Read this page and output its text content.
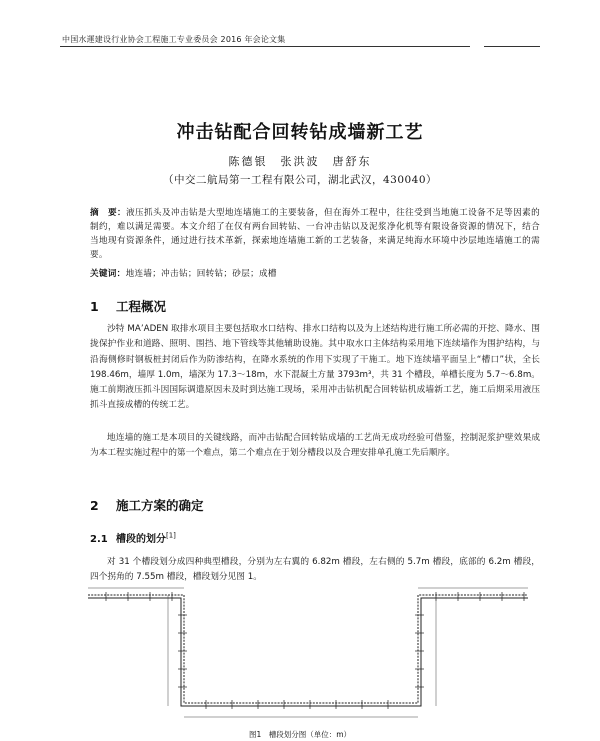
中国水運建设行业协会工程施工专业委员会 2016 年会论文集
冲击钻配合回转钻成墙新工艺
陈德银　张洪波　唐舒东
（中交二航局第一工程有限公司，湖北武汉，430040）
摘　要：液压抓头及冲击钻是大型地连墙施工的主要装备，但在海外工程中，往往受到当地施工设备不足等因素的制约，难以满足需要。本文介绍了在仅有两台回转钻、一台冲击钻以及泥浆净化机等有限设备资源的情况下，结合当地现有资源条件，通过进行技术革新，探索地连墙施工新的工艺装备，来满足纯海水环境中沙层地连墙施工的需要。
关键词：地连墙；冲击钻；回转钻；砂层；成槽
1 工程概况
沙特 MA’ADEN 取排水项目主要包括取水口结构、排水口结构以及为上述结构进行施工所必需的开挖、降水、围拢保护作业和道路、照明、围挡、地下管线等其他辅助设施。其中取水口主体结构采用地下连续墙作为围护结构，与沿海侧修时钢板桩封闭后作为防渗结构，在降水系统的作用下实现了干施工。地下连续墙平面呈上“槽口”状，全长 198.46m，墙厚 1.0m，墙深为 17.3～18m，水下混凝土方量 3793m³，共 31 个槽段，单槽长度为 5.7～6.8m。施工前期液压抓斗因国际调遣原因未及时到达施工现场，采用冲击钻机配合回转钻机成墙新工艺，施工后期采用液压抓斗直接成槽的传统工艺。
地连墙的施工是本项目的关键线路，而冲击钻配合回转钻成墙的工艺尚无成功经验可借鉴，控制泥浆护壁效果成为本工程实施过程中的第一个难点，第二个难点在于划分槽段以及合理安排单孔施工先后顺序。
2 施工方案的确定
2.1 槽段的划分[1]
对 31 个槽段划分成四种典型槽段，分别为左右翼的 6.82m 槽段，左右侧的 5.7m 槽段，底部的 6.2m 槽段，四个拐角的 7.55m 槽段，槽段划分见图 1。
图1　槽段划分图（单位：m）
